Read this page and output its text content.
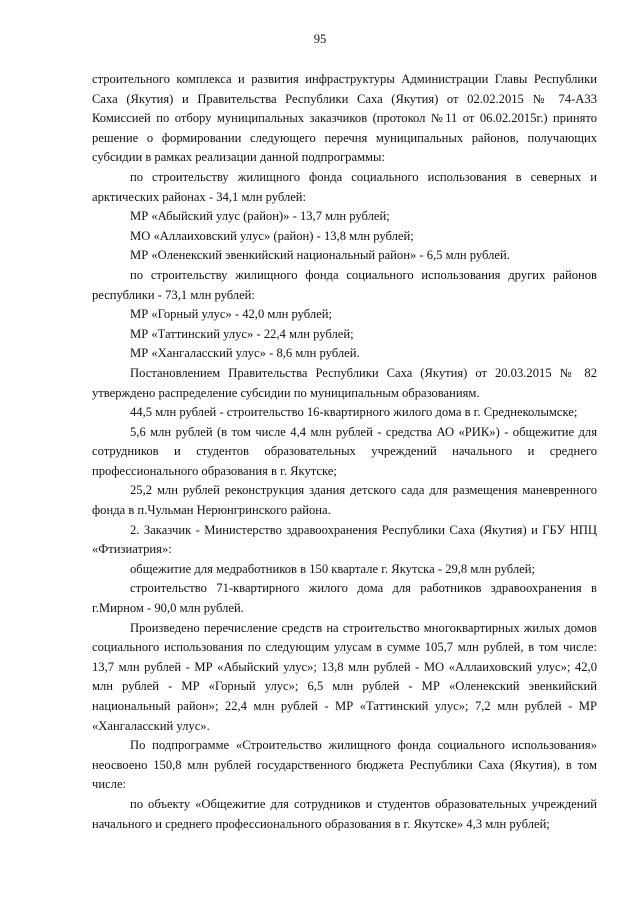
95

строительного комплекса и развития инфраструктуры Администрации Главы Республики Саха (Якутия) и Правительства Республики Саха (Якутия) от 02.02.2015 № 74-А33 Комиссией по отбору муниципальных заказчиков (протокол №11 от 06.02.2015г.) принято решение о формировании следующего перечня муниципальных районов, получающих субсидии в рамках реализации данной подпрограммы:

по строительству жилищного фонда социального использования в северных и арктических районах - 34,1 млн рублей:

МР «Абыйский улус (район)» - 13,7 млн рублей;

МО «Аллаиховский улус» (район) - 13,8 млн рублей;

МР «Оленекский эвенкийский национальный район» - 6,5 млн рублей.

по строительству жилищного фонда социального использования других районов республики - 73,1 млн рублей:

МР «Горный улус» - 42,0 млн рублей;

МР «Таттинский улус» - 22,4 млн рублей;

МР «Хангаласский улус» - 8,6 млн рублей.

Постановлением Правительства Республики Саха (Якутия) от 20.03.2015 № 82 утверждено распределение субсидии по муниципальным образованиям.

44,5 млн рублей - строительство 16-квартирного жилого дома в г. Среднеколымске;

5,6 млн рублей (в том числе 4,4 млн рублей - средства АО «РИК») - общежитие для сотрудников и студентов образовательных учреждений начального и среднего профессионального образования в г. Якутске;

25,2 млн рублей реконструкция здания детского сада для размещения маневренного фонда в п.Чульман Нерюнгринского района.

2. Заказчик - Министерство здравоохранения Республики Саха (Якутия) и ГБУ НПЦ «Фтизиатрия»:

общежитие для медработников в 150 квартале г. Якутска - 29,8 млн рублей;

строительство 71-квартирного жилого дома для работников здравоохранения в г.Мирном - 90,0 млн рублей.

Произведено перечисление средств на строительство многоквартирных жилых домов социального использования по следующим улусам в сумме 105,7 млн рублей, в том числе: 13,7 млн рублей - МР «Абыйский улус»; 13,8 млн рублей - МО «Аллаиховский улус»; 42,0 млн рублей - МР «Горный улус»; 6,5 млн рублей - МР «Оленекский эвенкийский национальный район»; 22,4 млн рублей - МР «Таттинский улус»; 7,2 млн рублей - МР «Хангаласский улус».

По подпрограмме «Строительство жилищного фонда социального использования» неосвоено 150,8 млн рублей государственного бюджета Республики Саха (Якутия), в том числе:

по объекту «Общежитие для сотрудников и студентов образовательных учреждений начального и среднего профессионального образования в г. Якутске» 4,3 млн рублей;
